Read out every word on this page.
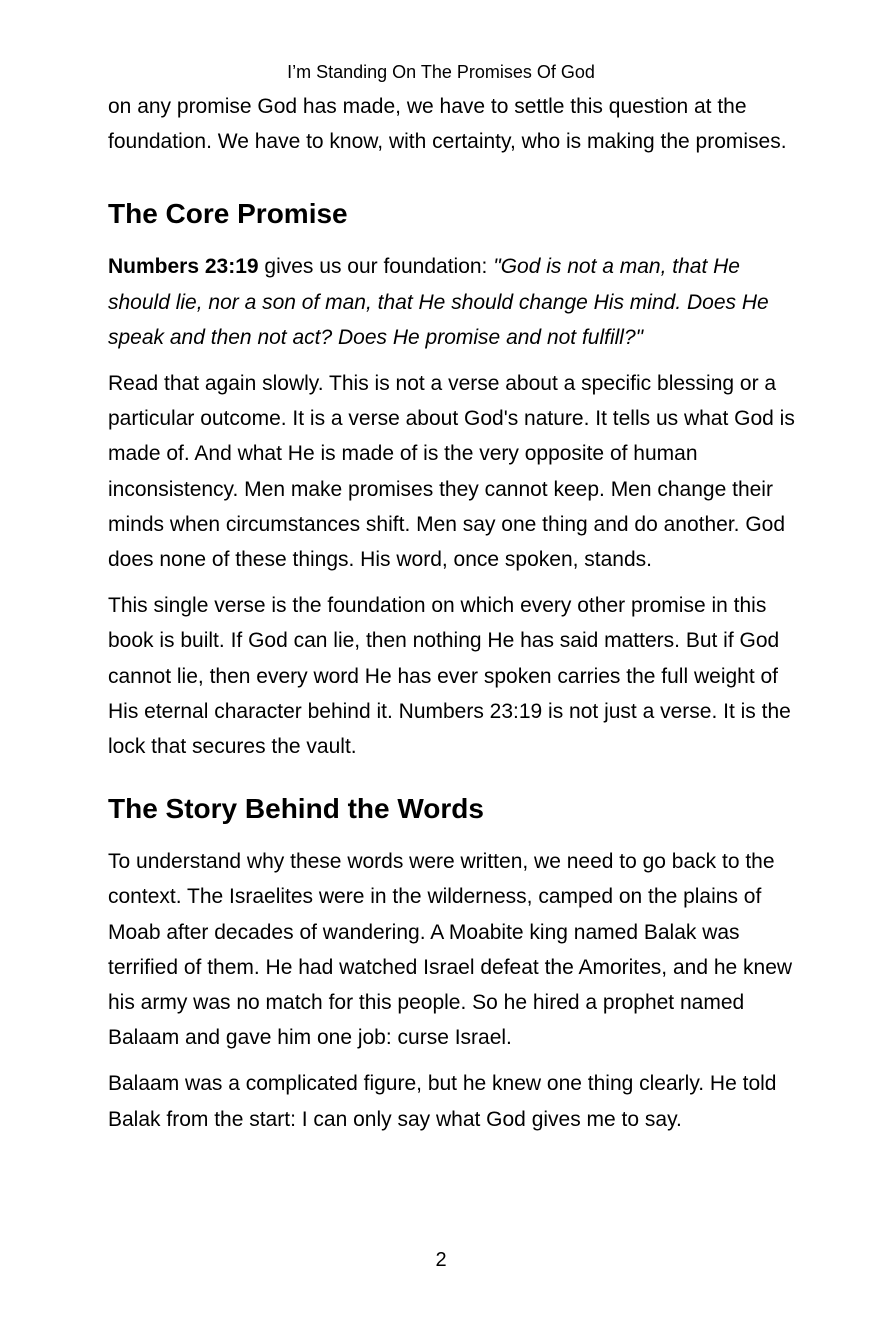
I’m Standing On The Promises Of God

on any promise God has made, we have to settle this question at the foundation. We have to know, with certainty, who is making the promises.

The Core Promise

Numbers 23:19 gives us our foundation: "God is not a man, that He should lie, nor a son of man, that He should change His mind. Does He speak and then not act? Does He promise and not fulfill?"

Read that again slowly. This is not a verse about a specific blessing or a particular outcome. It is a verse about God's nature. It tells us what God is made of. And what He is made of is the very opposite of human inconsistency. Men make promises they cannot keep. Men change their minds when circumstances shift. Men say one thing and do another. God does none of these things. His word, once spoken, stands.

This single verse is the foundation on which every other promise in this book is built. If God can lie, then nothing He has said matters. But if God cannot lie, then every word He has ever spoken carries the full weight of His eternal character behind it. Numbers 23:19 is not just a verse. It is the lock that secures the vault.

The Story Behind the Words

To understand why these words were written, we need to go back to the context. The Israelites were in the wilderness, camped on the plains of Moab after decades of wandering. A Moabite king named Balak was terrified of them. He had watched Israel defeat the Amorites, and he knew his army was no match for this people. So he hired a prophet named Balaam and gave him one job: curse Israel.

Balaam was a complicated figure, but he knew one thing clearly. He told Balak from the start: I can only say what God gives me to say.

2
